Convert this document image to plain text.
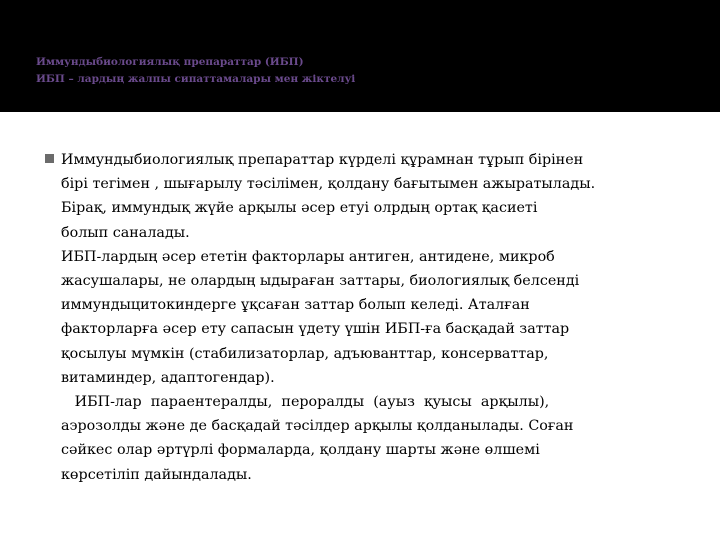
Иммундыбиологиялық препараттар (ИБП)
ИБП – лардың жалпы сипаттамалары мен жіктелуі
Иммундыбиологиялық препараттар күрделі құрамнан тұрып бірінен
бірі тегімен , шығарылу тәсілімен, қолдану бағытымен ажыратылады.
Бірақ, иммундық жүйе арқылы әсер етуі олрдың ортақ қасиеті
болып саналады.
ИБП-лардың әсер ететін факторлары антиген, антидене, микроб
жасушалары, не олардың ыдыраған заттары, биологиялық белсенді
иммундыцитокиндерге ұқсаған заттар болып келеді. Аталған
факторларға әсер ету сапасын үдету үшін ИБП-ға басқадай заттар
қосылуы мүмкін (стабилизаторлар, адъюванттар, консерваттар,
витаминдер, адаптогендар).
ИБП-лар  параентералды,  пероралды  (ауыз  қуысы  арқылы),
аэрозолды және де басқадай тәсілдер арқылы қолданылады. Соған
сәйкес олар әртүрлі формаларда, қолдану шарты және өлшемі
көрсетіліп дайындалады.
